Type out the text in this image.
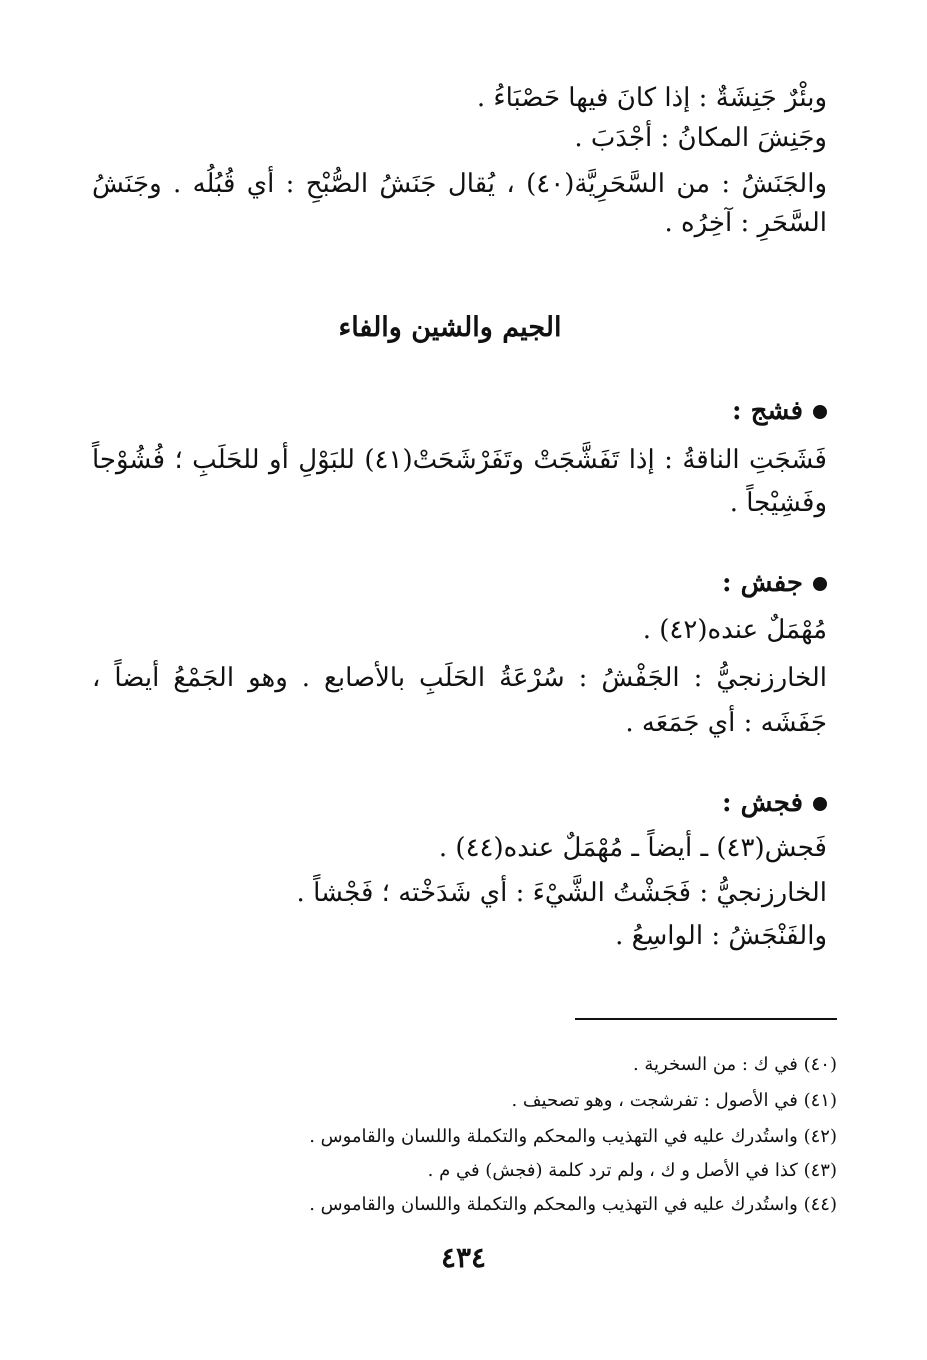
وبئْرٌ جَنِشَةٌ : إذا كانَ فيها حَصْبَاءُ .
وجَنِشَ المكانُ : أجْدَبَ .
والجَنَشُ : من السَّحَرِيَّة(٤٠) ، يُقال جَنَشُ الصُّبْحِ : أي قُبُلُه . وجَنَشُ
السَّحَرِ : آخِرُه .
الجيم والشين والفاء
فشج :
فَشَجَتِ الناقةُ : إذا تَفَشَّجَتْ وتَفَرْشَحَتْ(٤١) للبَوْلِ أو للحَلَبِ ؛ فُشُوْجاً
وفَشِيْجاً .
جفش :
مُهْمَلٌ عنده(٤٢) .
الخارزنجيُّ : الجَفْشُ : سُرْعَةُ الحَلَبِ بالأصابع . وهو الجَمْعُ أيضاً ،
جَفَشَه : أي جَمَعَه .
فجش :
فَجش(٤٣) ـ أيضاً ـ مُهْمَلٌ عنده(٤٤) .
الخارزنجيُّ : فَجَشْتُ الشَّيْءَ : أي شَدَخْته ؛ فَجْشاً .
والفَنْجَشُ : الواسِعُ .
(٤٠) في ك : من السخرية .
(٤١) في الأصول : تفرشجت ، وهو تصحيف .
(٤٢) واستُدرك عليه في التهذيب والمحكم والتكملة واللسان والقاموس .
(٤٣) كذا في الأصل و ك ، ولم ترد كلمة (فجش) في م .
(٤٤) واستُدرك عليه في التهذيب والمحكم والتكملة واللسان والقاموس .
٤٣٤
